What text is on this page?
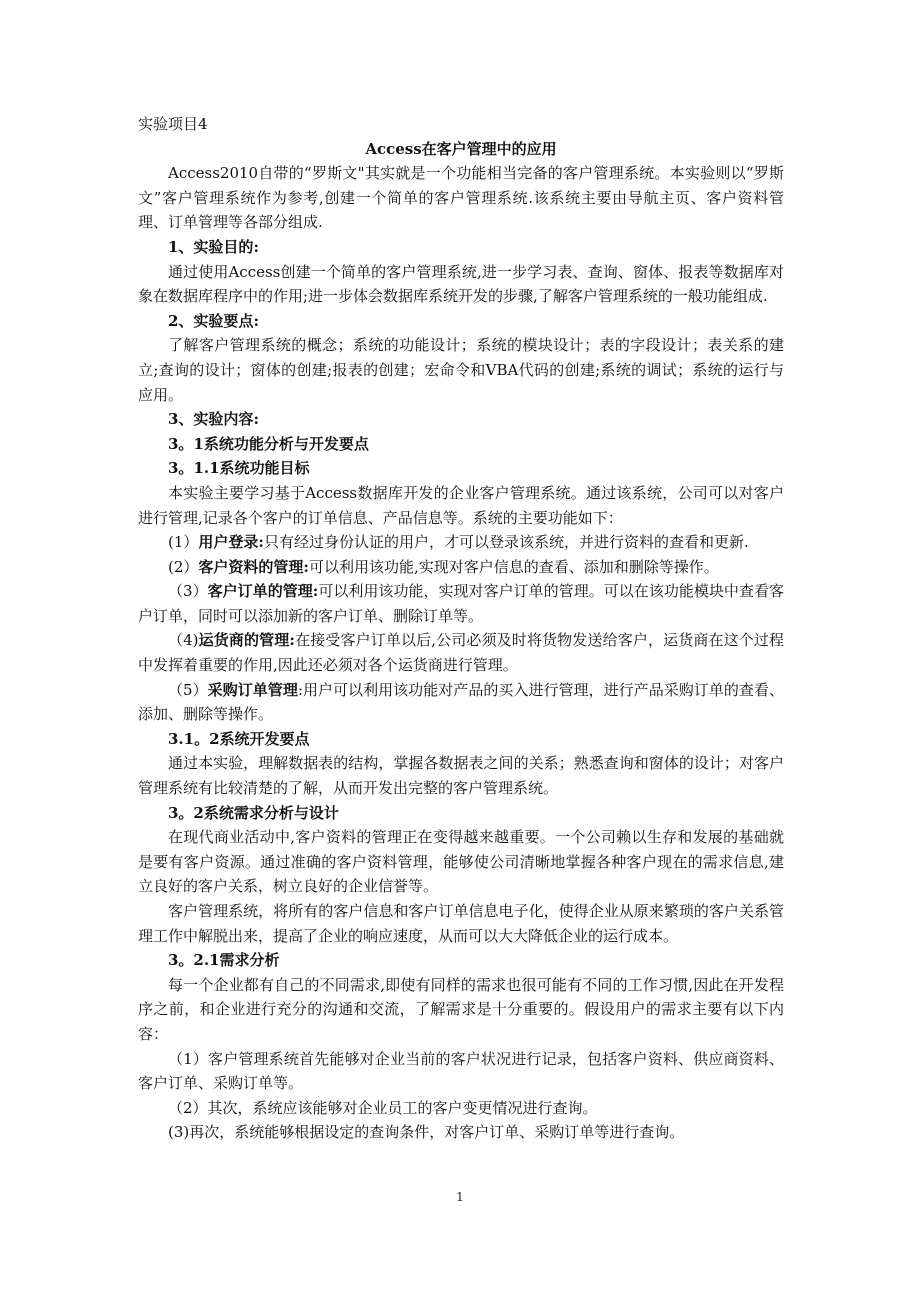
实验项目4

Access在客户管理中的应用

Access2010自带的“罗斯文"其实就是一个功能相当完备的客户管理系统。本实验则以“罗斯文”客户管理系统作为参考,创建一个简单的客户管理系统.该系统主要由导航主页、客户资料管理、订单管理等各部分组成.

1、实验目的:

通过使用Access创建一个简单的客户管理系统,进一步学习表、查询、窗体、报表等数据库对象在数据库程序中的作用;进一步体会数据库系统开发的步骤,了解客户管理系统的一般功能组成.

2、实验要点:

了解客户管理系统的概念；系统的功能设计；系统的模块设计；表的字段设计；表关系的建立;查询的设计；窗体的创建;报表的创建；宏命令和VBA代码的创建;系统的调试；系统的运行与应用。

3、实验内容:

3。1系统功能分析与开发要点

3。1.1系统功能目标

本实验主要学习基于Access数据库开发的企业客户管理系统。通过该系统，公司可以对客户进行管理,记录各个客户的订单信息、产品信息等。系统的主要功能如下：

(1）用户登录:只有经过身份认证的用户，才可以登录该系统，并进行资料的查看和更新.

(2）客户资料的管理:可以利用该功能,实现对客户信息的查看、添加和删除等操作。

（3）客户订单的管理:可以利用该功能，实现对客户订单的管理。可以在该功能模块中查看客户订单，同时可以添加新的客户订单、删除订单等。

（4)运货商的管理:在接受客户订单以后,公司必须及时将货物发送给客户，运货商在这个过程中发挥着重要的作用,因此还必须对各个运货商进行管理。

（5）采购订单管理:用户可以利用该功能对产品的买入进行管理，进行产品采购订单的查看、添加、删除等操作。

3.1。2系统开发要点

通过本实验，理解数据表的结构，掌握各数据表之间的关系；熟悉查询和窗体的设计；对客户管理系统有比较清楚的了解，从而开发出完整的客户管理系统。

3。2系统需求分析与设计

在现代商业活动中,客户资料的管理正在变得越来越重要。一个公司赖以生存和发展的基础就是要有客户资源。通过准确的客户资料管理，能够使公司清晰地掌握各种客户现在的需求信息,建立良好的客户关系，树立良好的企业信誉等。

客户管理系统，将所有的客户信息和客户订单信息电子化，使得企业从原来繁琐的客户关系管理工作中解脱出来，提高了企业的响应速度，从而可以大大降低企业的运行成本。

3。2.1需求分析

每一个企业都有自己的不同需求,即使有同样的需求也很可能有不同的工作习惯,因此在开发程序之前，和企业进行充分的沟通和交流，了解需求是十分重要的。假设用户的需求主要有以下内容：

（1）客户管理系统首先能够对企业当前的客户状况进行记录，包括客户资料、供应商资料、客户订单、采购订单等。

（2）其次，系统应该能够对企业员工的客户变更情况进行查询。

(3)再次，系统能够根据设定的查询条件，对客户订单、采购订单等进行查询。

1
